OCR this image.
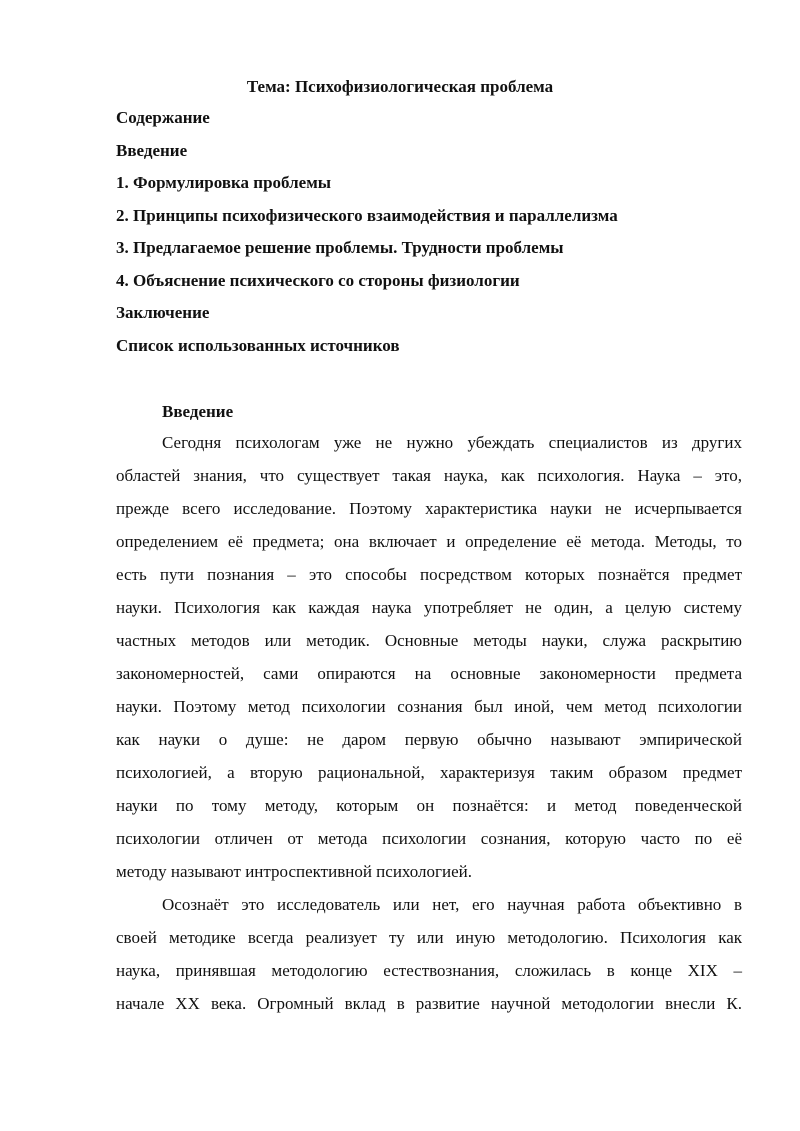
Тема: Психофизиологическая проблема
Содержание
Введение
1. Формулировка проблемы
2. Принципы психофизического взаимодействия и параллелизма
3. Предлагаемое решение проблемы. Трудности проблемы
4. Объяснение психического со стороны физиологии
Заключение
Список использованных источников
Введение

Сегодня психологам уже не нужно убеждать специалистов из других
областей знания, что существует такая наука, как психология. Наука – это,
прежде всего исследование. Поэтому характеристика науки не исчерпывается
определением её предмета; она включает и определение её метода. Методы, то
есть пути познания – это способы посредством которых познаётся предмет
науки. Психология как каждая наука употребляет не один, а целую систему
частных методов или методик. Основные методы науки, служа раскрытию
закономерностей, сами опираются на основные закономерности предмета
науки. Поэтому метод психологии сознания был иной, чем метод психологии
как науки о душе: не даром первую обычно называют эмпирической
психологией, а вторую рациональной, характеризуя таким образом предмет
науки по тому методу, которым он познаётся: и метод поведенческой
психологии отличен от метода психологии сознания, которую часто по её
методу называют интроспективной психологией.

Осознаёт это исследователь или нет, его научная работа объективно в
своей методике всегда реализует ту или иную методологию. Психология как
наука, принявшая методологию естествознания, сложилась в конце XIX –
начале XX века. Огромный вклад в развитие научной методологии внесли К.
